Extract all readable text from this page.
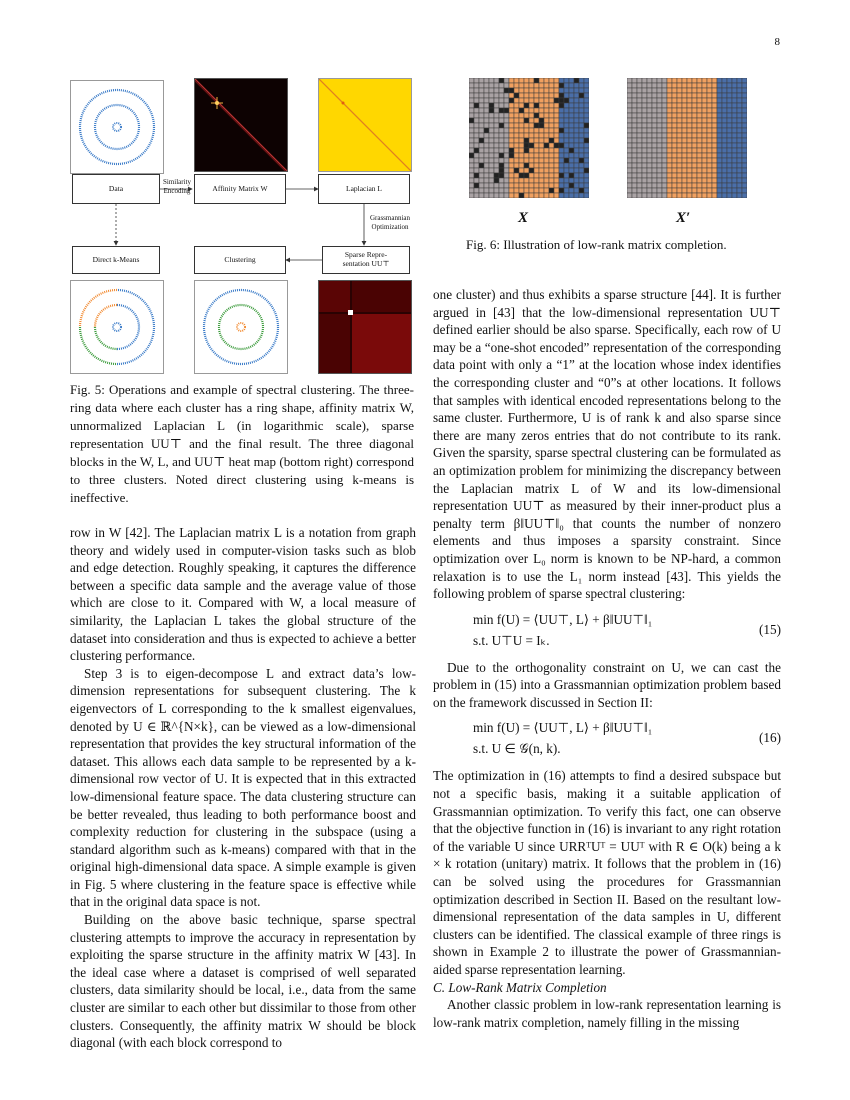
8
Data	Affinity Matrix W	Laplacian L
Direct k-Means	Clustering	Sparse Repre-
sentation UU⊤
Similarity
Encoding
Grassmannian
Optimization
Fig. 5: Operations and example of spectral clustering. The three-ring data where each cluster has a ring shape, affinity matrix W, unnormalized Laplacian L (in logarithmic scale), sparse representation UU⊤ and the final result. The three diagonal blocks in the W, L, and UU⊤ heat map (bottom right) correspond to three clusters. Noted direct clustering using k-means is ineffective.
X	X′
Fig. 6: Illustration of low-rank matrix completion.

row in W [42]. The Laplacian matrix L is a notation from graph theory and widely used in computer-vision tasks such as blob and edge detection. Roughly speaking, it captures the difference between a specific data sample and the average value of those which are close to it. Compared with W, a local measure of similarity, the Laplacian L takes the global structure of the dataset into consideration and thus is expected to achieve a better clustering performance.

Step 3 is to eigen-decompose L and extract data’s low-dimension representations for subsequent clustering. The k eigenvectors of L corresponding to the k smallest eigenvalues, denoted by U ∈ ℝ^{N×k}, can be viewed as a low-dimensional representation that provides the key structural information of the dataset. This allows each data sample to be represented by a k-dimensional row vector of U. It is expected that in this extracted low-dimensional feature space. The data clustering structure can be better revealed, thus leading to both performance boost and complexity reduction for clustering in the subspace (using a standard algorithm such as k-means) compared with that in the original high-dimensional data space. A simple example is given in Fig. 5 where clustering in the feature space is effective while that in the original data space is not.

Building on the above basic technique, sparse spectral clustering attempts to improve the accuracy in representation by exploiting the sparse structure in the affinity matrix W [43]. In the ideal case where a dataset is comprised of well separated clusters, data similarity should be local, i.e., data from the same cluster are similar to each other but dissimilar to those from other clusters. Consequently, the affinity matrix W should be block diagonal (with each block correspond to

one cluster) and thus exhibits a sparse structure [44]. It is further argued in [43] that the low-dimensional representation UU⊤ defined earlier should be also sparse. Specifically, each row of U may be a “one-shot encoded” representation of the corresponding data point with only a “1” at the location whose index identifies the corresponding cluster and “0”s at other locations. It follows that samples with identical encoded representations belong to the same cluster. Furthermore, U is of rank k and also sparse since there are many zeros entries that do not contribute to its rank. Given the sparsity, sparse spectral clustering can be formulated as an optimization problem for minimizing the discrepancy between the Laplacian matrix L of W and its low-dimensional representation UU⊤ as measured by their inner-product plus a penalty term β‖UU⊤‖₀ that counts the number of nonzero elements and thus imposes a sparsity constraint. Since optimization over L₀ norm is known to be NP-hard, a common relaxation is to use the L₁ norm instead [43]. This yields the following problem of sparse spectral clustering:

min f(U) = ⟨UU⊤, L⟩ + β‖UU⊤‖₁
s.t. U⊤U = Iₖ.
(15)

Due to the orthogonality constraint on U, we can cast the problem in (15) into a Grassmannian optimization problem based on the framework discussed in Section II:

min f(U) = ⟨UU⊤, L⟩ + β‖UU⊤‖₁
s.t. U ∈ 𝒢(n, k).
(16)

The optimization in (16) attempts to find a desired subspace but not a specific basis, making it a suitable application of Grassmannian optimization. To verify this fact, one can observe that the objective function in (16) is invariant to any right rotation of the variable U since URRᵀUᵀ = UUᵀ with R ∈ O(k) being a k × k rotation (unitary) matrix. It follows that the problem in (16) can be solved using the procedures for Grassmannian optimization described in Section II. Based on the resultant low-dimensional representation of the data samples in U, different clusters can be identified. The classical example of three rings is shown in Example 2 to illustrate the power of Grassmannian-aided sparse representation learning.

C. Low-Rank Matrix Completion

Another classic problem in low-rank representation learning is low-rank matrix completion, namely filling in the missing
